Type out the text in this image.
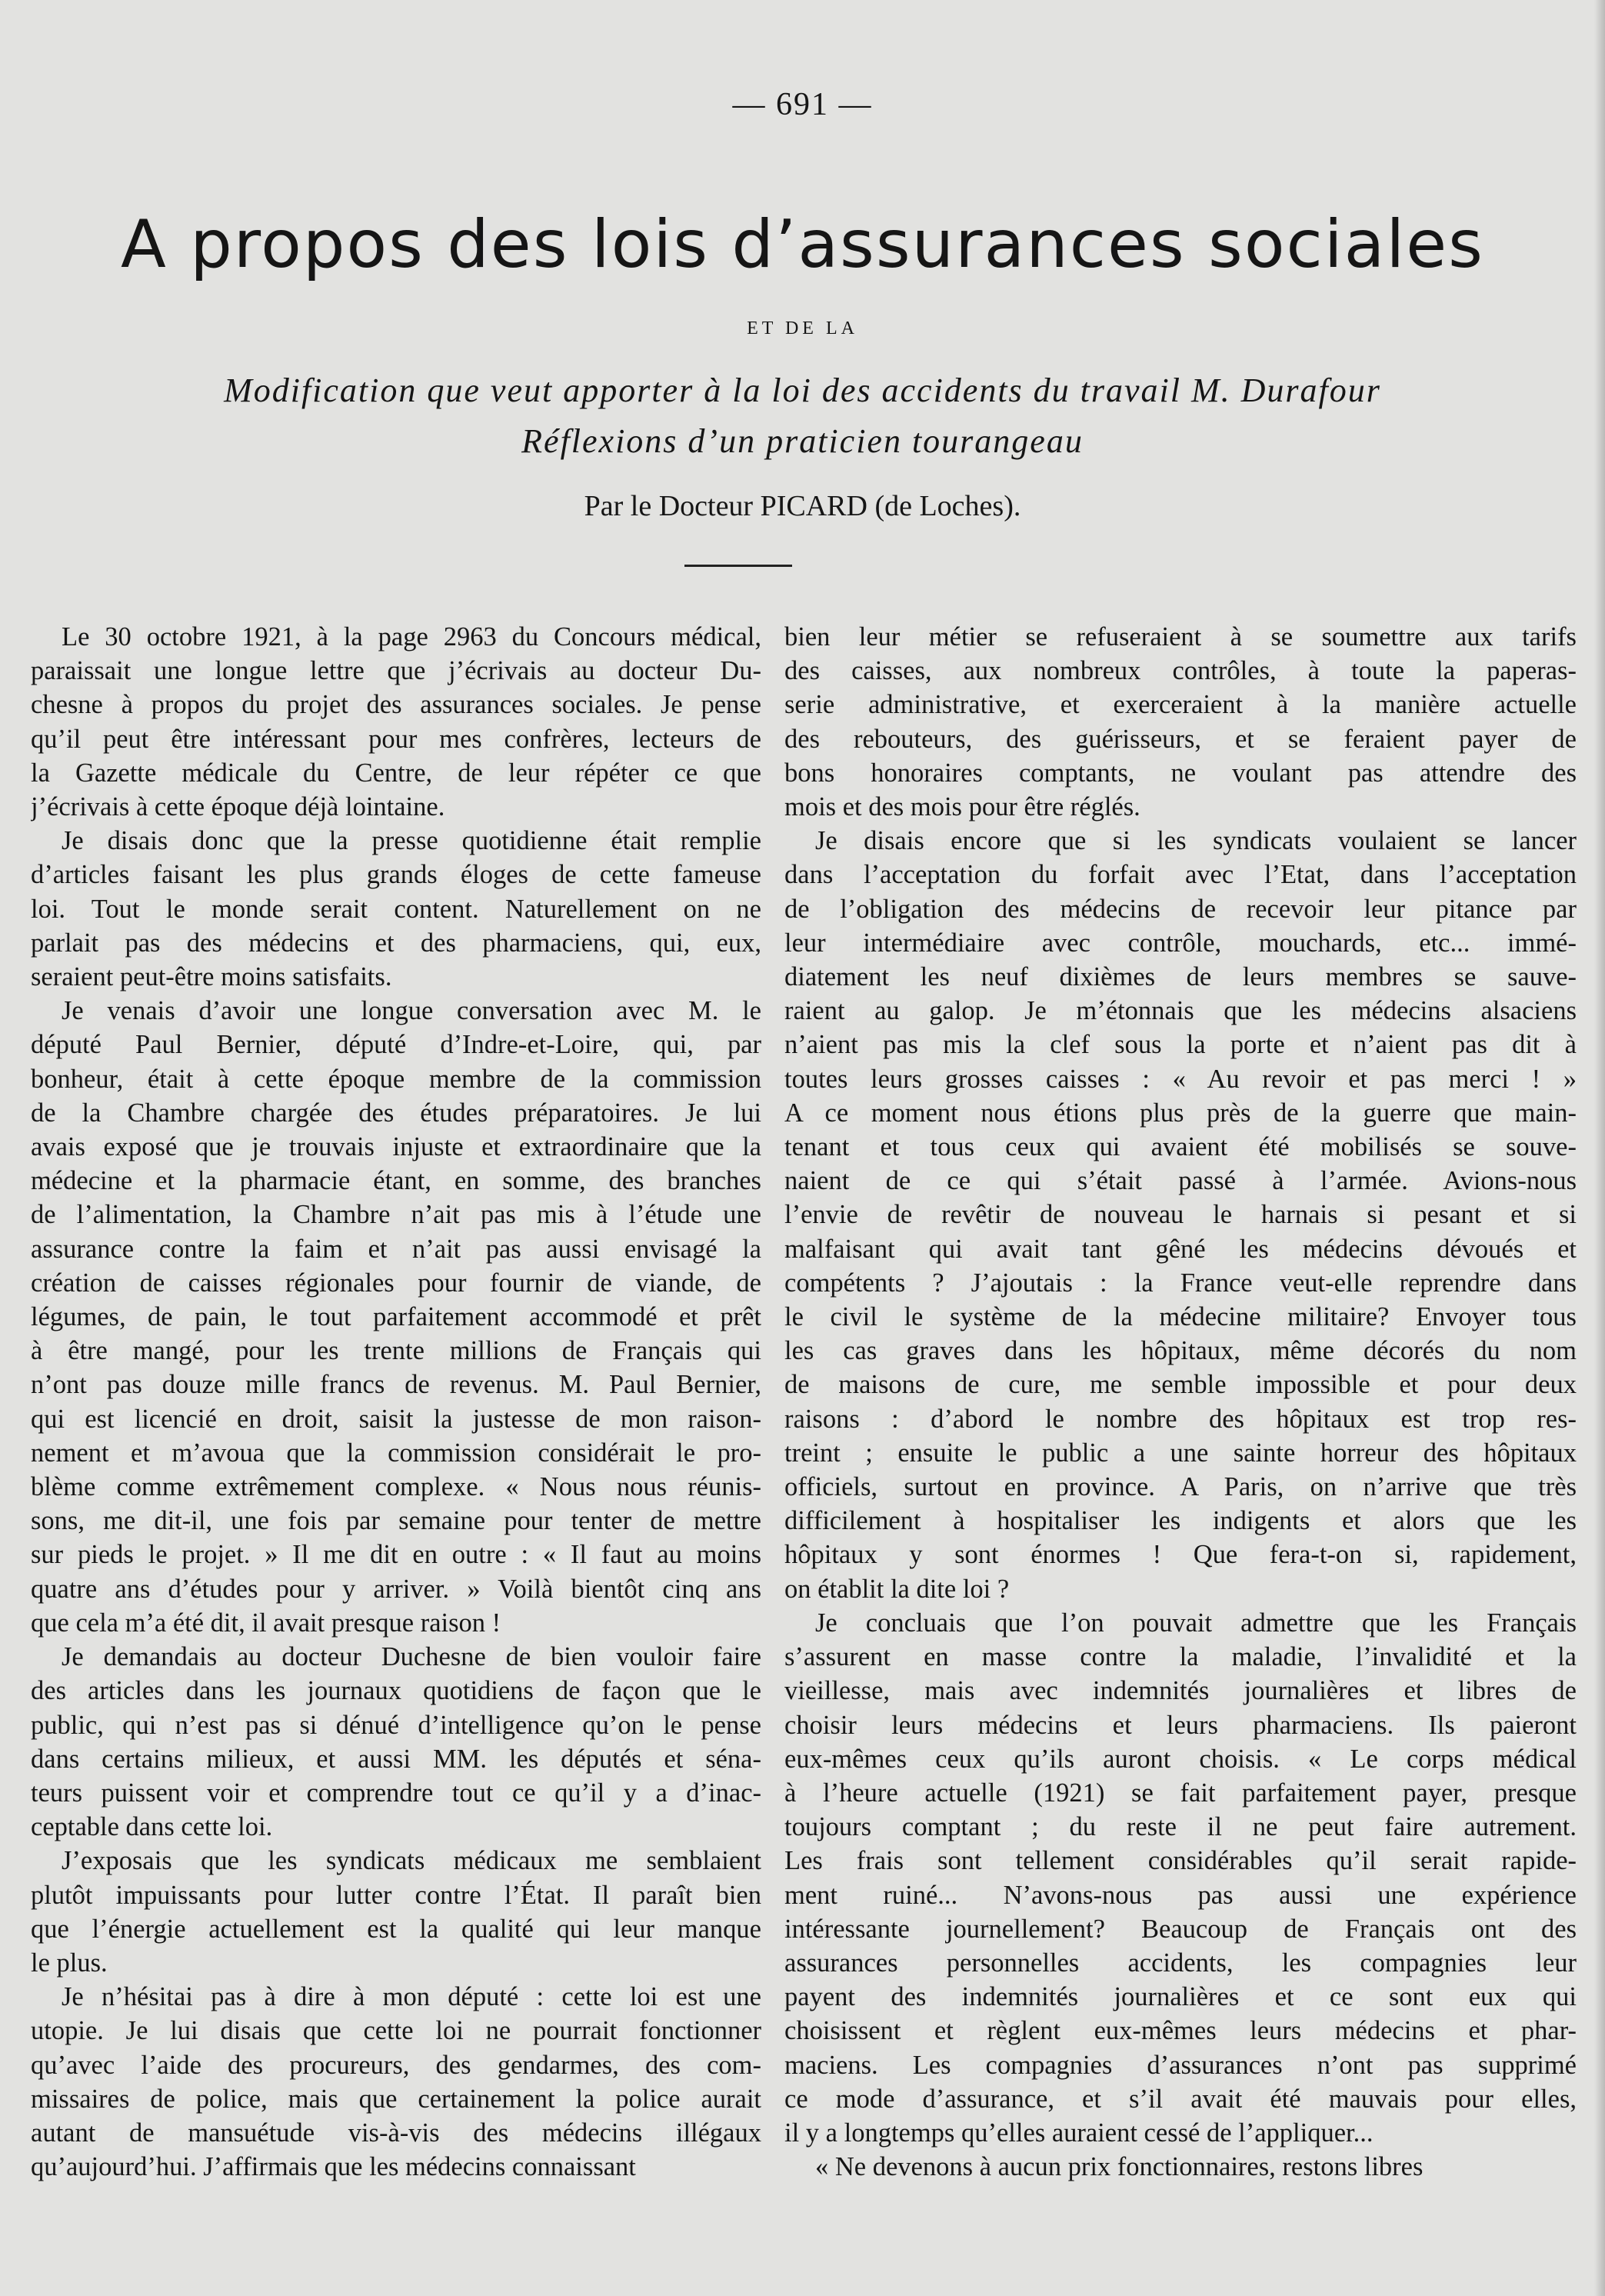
— 691 —
A propos des lois d’assurances sociales
ET DE LA
Modification que veut apporter à la loi des accidents du travail M. Durafour
Réflexions d’un praticien tourangeau
Par le Docteur PICARD (de Loches).
Le 30 octobre 1921, à la page 2963 du Concours médical,
paraissait une longue lettre que j’écrivais au docteur Du-
chesne à propos du projet des assurances sociales. Je pense
qu’il peut être intéressant pour mes confrères, lecteurs de
la Gazette médicale du Centre, de leur répéter ce que
j’écrivais à cette époque déjà lointaine.
Je disais donc que la presse quotidienne était remplie
d’articles faisant les plus grands éloges de cette fameuse
loi. Tout le monde serait content. Naturellement on ne
parlait pas des médecins et des pharmaciens, qui, eux,
seraient peut-être moins satisfaits.
Je venais d’avoir une longue conversation avec M. le
député Paul Bernier, député d’Indre-et-Loire, qui, par
bonheur, était à cette époque membre de la commission
de la Chambre chargée des études préparatoires. Je lui
avais exposé que je trouvais injuste et extraordinaire que la
médecine et la pharmacie étant, en somme, des branches
de l’alimentation, la Chambre n’ait pas mis à l’étude une
assurance contre la faim et n’ait pas aussi envisagé la
création de caisses régionales pour fournir de viande, de
légumes, de pain, le tout parfaitement accommodé et prêt
à être mangé, pour les trente millions de Français qui
n’ont pas douze mille francs de revenus. M. Paul Bernier,
qui est licencié en droit, saisit la justesse de mon raison-
nement et m’avoua que la commission considérait le pro-
blème comme extrêmement complexe. « Nous nous réunis-
sons, me dit-il, une fois par semaine pour tenter de mettre
sur pieds le projet. » Il me dit en outre : « Il faut au moins
quatre ans d’études pour y arriver. » Voilà bientôt cinq ans
que cela m’a été dit, il avait presque raison !
Je demandais au docteur Duchesne de bien vouloir faire
des articles dans les journaux quotidiens de façon que le
public, qui n’est pas si dénué d’intelligence qu’on le pense
dans certains milieux, et aussi MM. les députés et séna-
teurs puissent voir et comprendre tout ce qu’il y a d’inac-
ceptable dans cette loi.
J’exposais que les syndicats médicaux me semblaient
plutôt impuissants pour lutter contre l’État. Il paraît bien
que l’énergie actuellement est la qualité qui leur manque
le plus.
Je n’hésitai pas à dire à mon député : cette loi est une
utopie. Je lui disais que cette loi ne pourrait fonctionner
qu’avec l’aide des procureurs, des gendarmes, des com-
missaires de police, mais que certainement la police aurait
autant de mansuétude vis-à-vis des médecins illégaux
qu’aujourd’hui. J’affirmais que les médecins connaissant
bien leur métier se refuseraient à se soumettre aux tarifs
des caisses, aux nombreux contrôles, à toute la paperas-
serie administrative, et exerceraient à la manière actuelle
des rebouteurs, des guérisseurs, et se feraient payer de
bons honoraires comptants, ne voulant pas attendre des
mois et des mois pour être réglés.
Je disais encore que si les syndicats voulaient se lancer
dans l’acceptation du forfait avec l’Etat, dans l’acceptation
de l’obligation des médecins de recevoir leur pitance par
leur intermédiaire avec contrôle, mouchards, etc... immé-
diatement les neuf dixièmes de leurs membres se sauve-
raient au galop. Je m’étonnais que les médecins alsaciens
n’aient pas mis la clef sous la porte et n’aient pas dit à
toutes leurs grosses caisses : « Au revoir et pas merci ! »
A ce moment nous étions plus près de la guerre que main-
tenant et tous ceux qui avaient été mobilisés se souve-
naient de ce qui s’était passé à l’armée. Avions-nous
l’envie de revêtir de nouveau le harnais si pesant et si
malfaisant qui avait tant gêné les médecins dévoués et
compétents ? J’ajoutais : la France veut-elle reprendre dans
le civil le système de la médecine militaire? Envoyer tous
les cas graves dans les hôpitaux, même décorés du nom
de maisons de cure, me semble impossible et pour deux
raisons : d’abord le nombre des hôpitaux est trop res-
treint ; ensuite le public a une sainte horreur des hôpitaux
officiels, surtout en province. A Paris, on n’arrive que très
difficilement à hospitaliser les indigents et alors que les
hôpitaux y sont énormes ! Que fera-t-on si, rapidement,
on établit la dite loi ?
Je concluais que l’on pouvait admettre que les Français
s’assurent en masse contre la maladie, l’invalidité et la
vieillesse, mais avec indemnités journalières et libres de
choisir leurs médecins et leurs pharmaciens. Ils paieront
eux-mêmes ceux qu’ils auront choisis. « Le corps médical
à l’heure actuelle (1921) se fait parfaitement payer, presque
toujours comptant ; du reste il ne peut faire autrement.
Les frais sont tellement considérables qu’il serait rapide-
ment ruiné... N’avons-nous pas aussi une expérience
intéressante journellement? Beaucoup de Français ont des
assurances personnelles accidents, les compagnies leur
payent des indemnités journalières et ce sont eux qui
choisissent et règlent eux-mêmes leurs médecins et phar-
maciens. Les compagnies d’assurances n’ont pas supprimé
ce mode d’assurance, et s’il avait été mauvais pour elles,
il y a longtemps qu’elles auraient cessé de l’appliquer...
« Ne devenons à aucun prix fonctionnaires, restons libres
